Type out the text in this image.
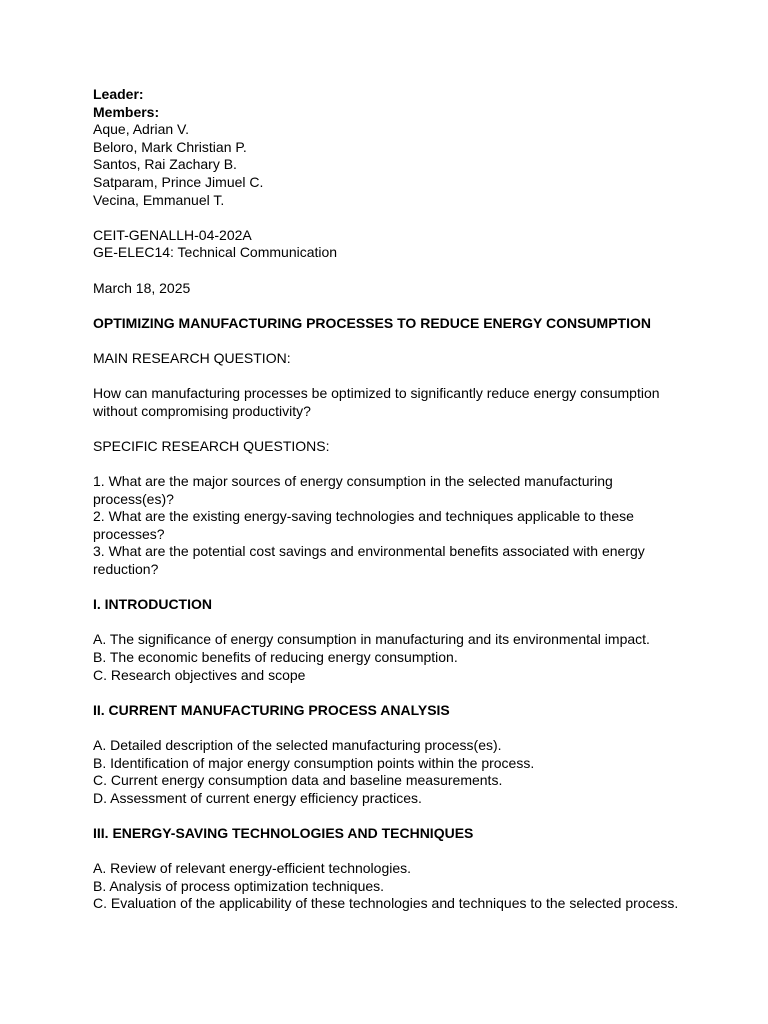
Leader:
Members:
Aque, Adrian V.
Beloro, Mark Christian P.
Santos, Rai Zachary B.
Satparam, Prince Jimuel C.
Vecina, Emmanuel T.
CEIT-GENALLH-04-202A
GE-ELEC14: Technical Communication
March 18, 2025
OPTIMIZING MANUFACTURING PROCESSES TO REDUCE ENERGY CONSUMPTION
MAIN RESEARCH QUESTION:
How can manufacturing processes be optimized to significantly reduce energy consumption without compromising productivity?
SPECIFIC RESEARCH QUESTIONS:
1. What are the major sources of energy consumption in the selected manufacturing process(es)?
2. What are the existing energy-saving technologies and techniques applicable to these processes?
3. What are the potential cost savings and environmental benefits associated with energy reduction?
I. INTRODUCTION
A. The significance of energy consumption in manufacturing and its environmental impact.
B. The economic benefits of reducing energy consumption.
C. Research objectives and scope
II. CURRENT MANUFACTURING PROCESS ANALYSIS
A. Detailed description of the selected manufacturing process(es).
B. Identification of major energy consumption points within the process.
C. Current energy consumption data and baseline measurements.
D. Assessment of current energy efficiency practices.
III. ENERGY-SAVING TECHNOLOGIES AND TECHNIQUES
A. Review of relevant energy-efficient technologies.
B. Analysis of process optimization techniques.
C. Evaluation of the applicability of these technologies and techniques to the selected process.
